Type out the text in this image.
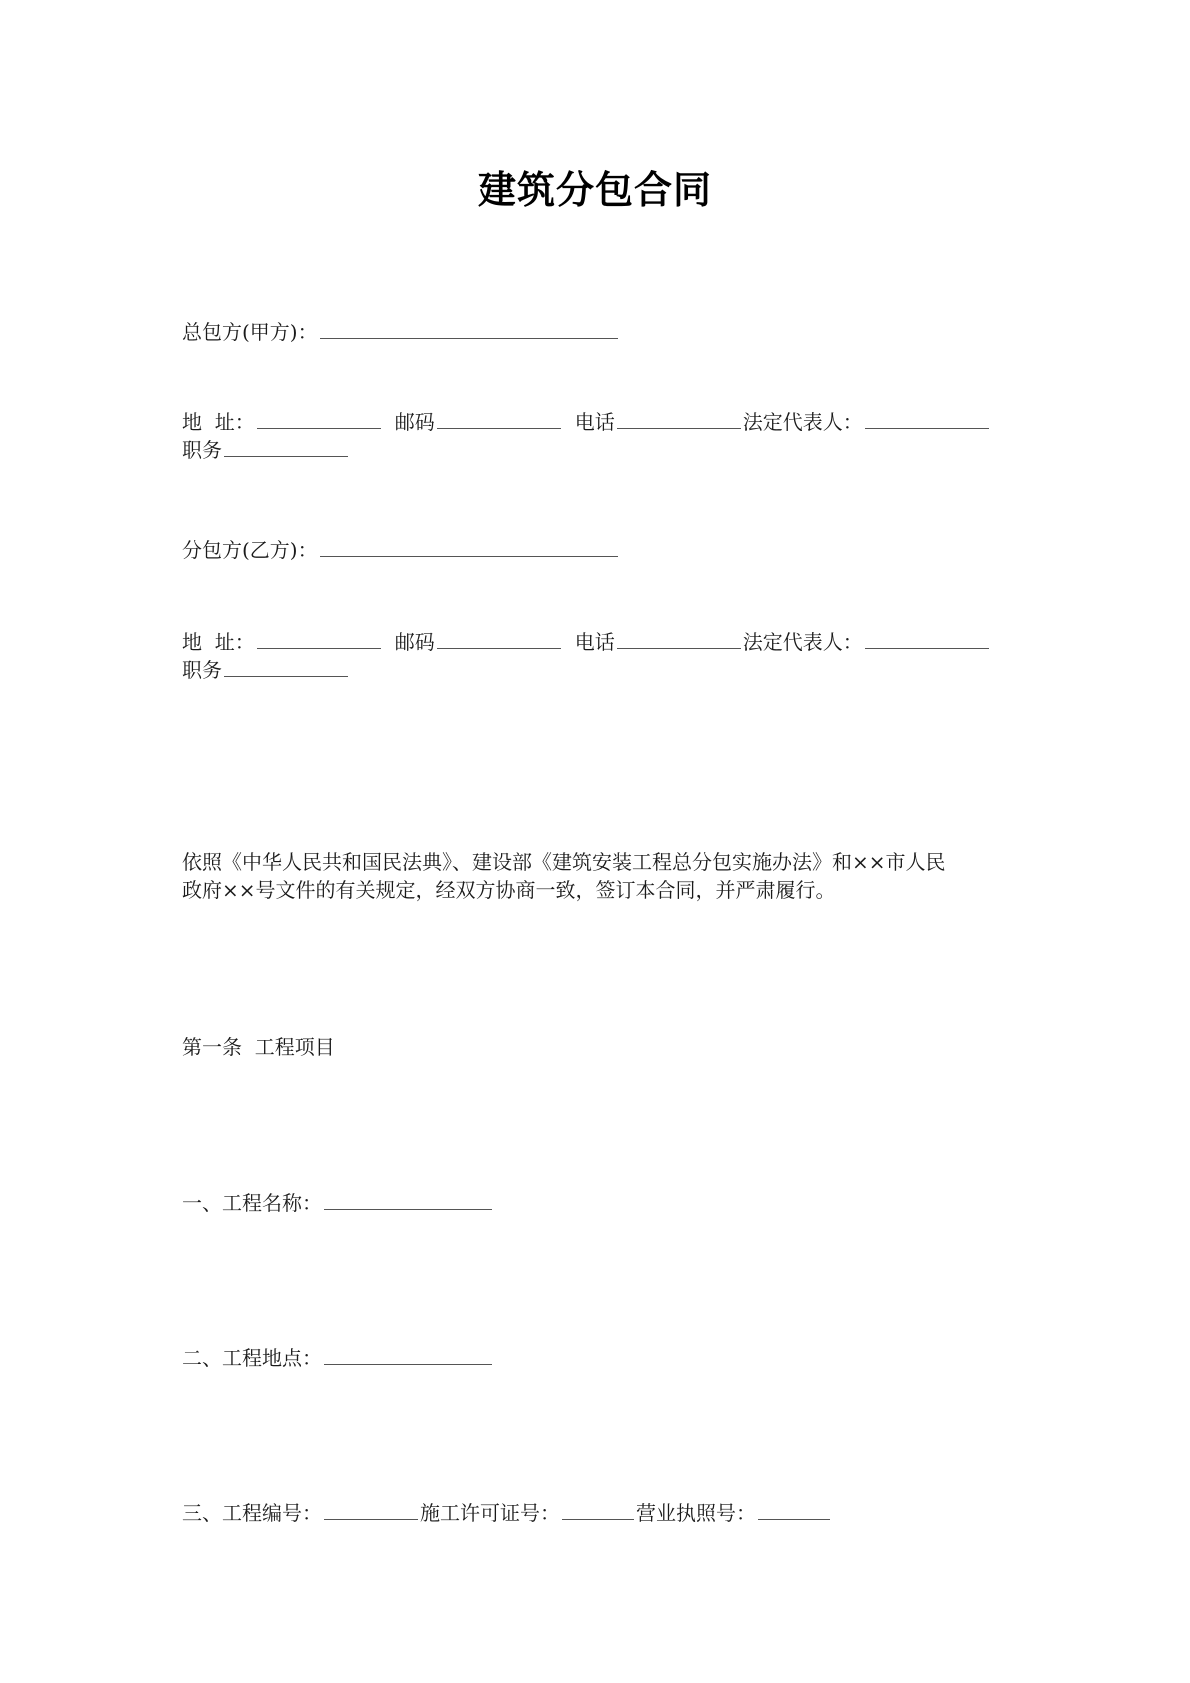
建筑分包合同
总包方(甲方)：
地  址：	邮码	电话	法定代表人：
职务
分包方(乙方)：
地  址：	邮码	电话	法定代表人：
职务
依照《中华人民共和国民法典》、建设部《建筑安装工程总分包实施办法》和××市人民
政府××号文件的有关规定，经双方协商一致，签订本合同，并严肃履行。
第一条  工程项目
一、工程名称：
二、工程地点：
三、工程编号：	施工许可证号：	营业执照号：
